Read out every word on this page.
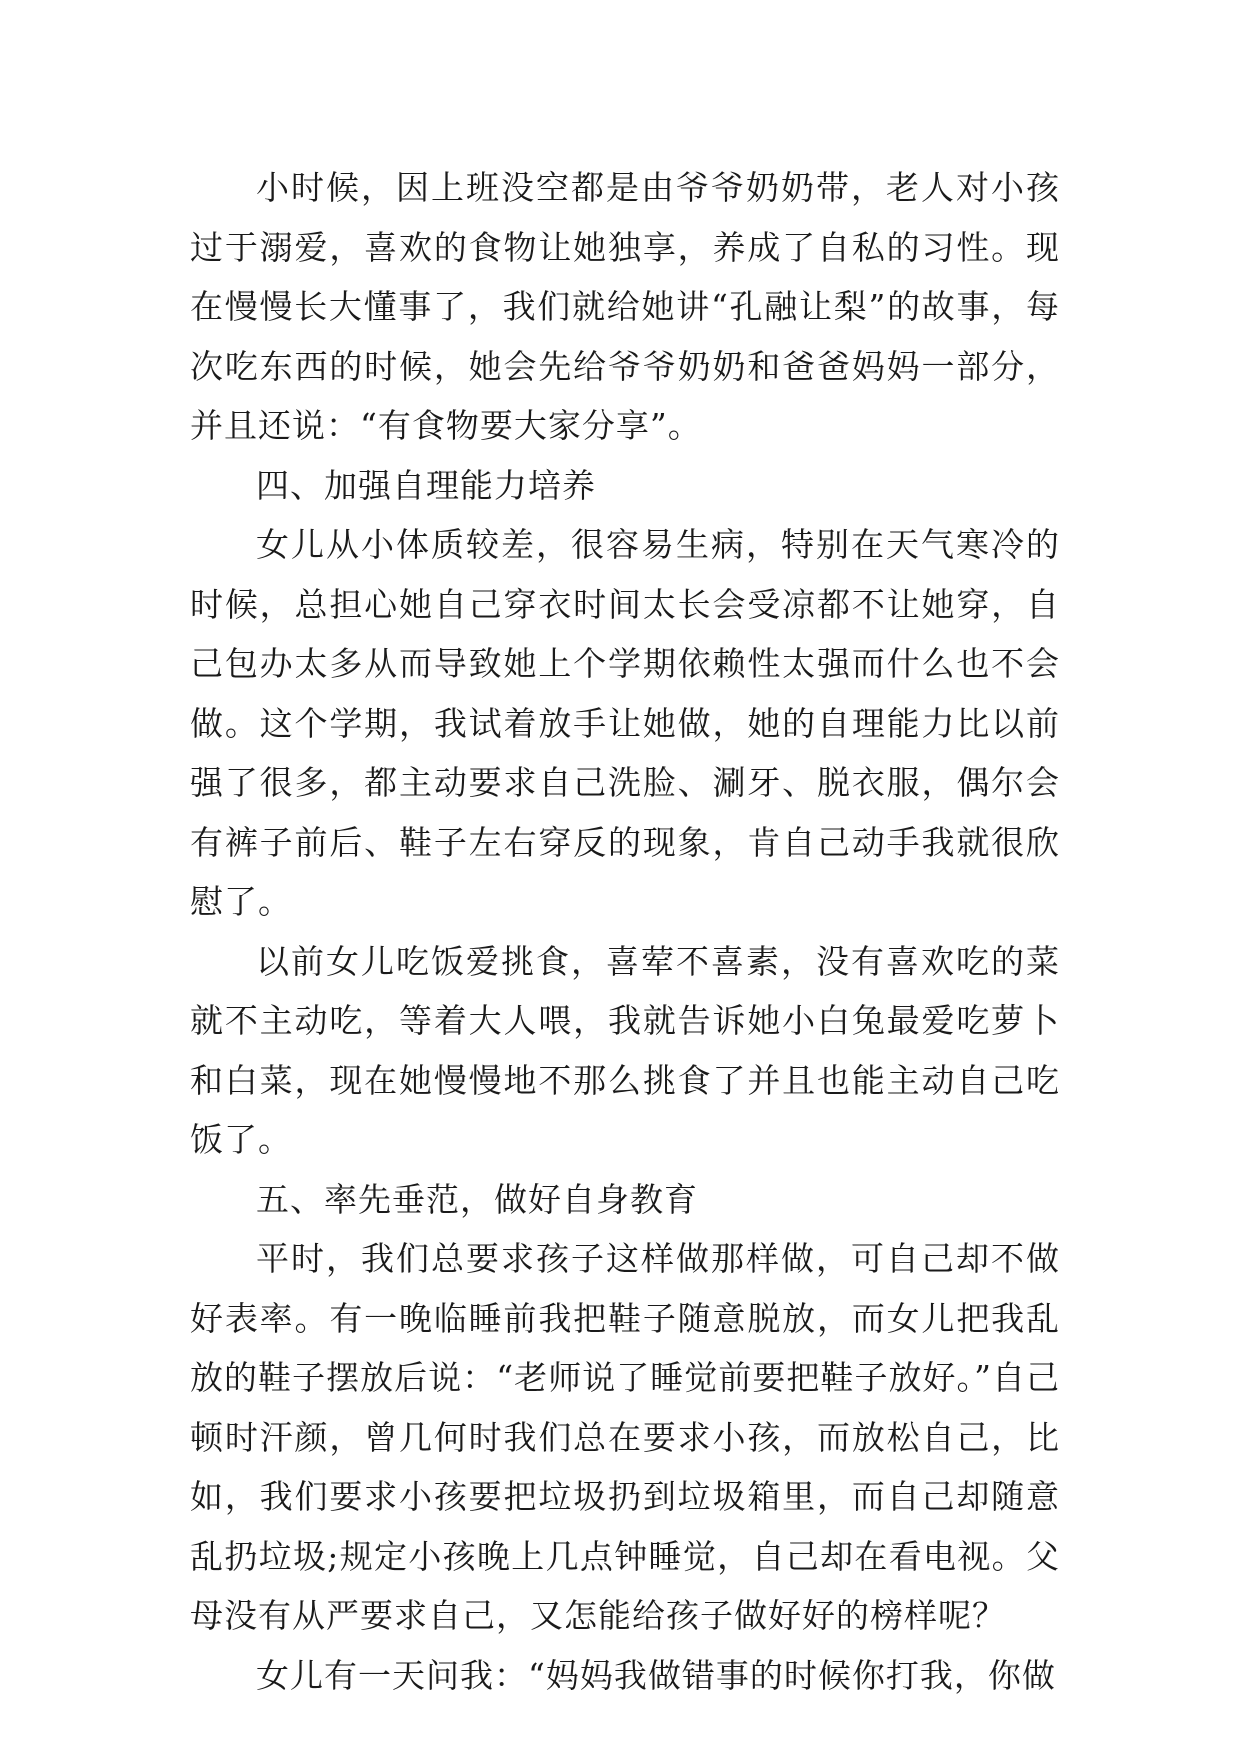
小时候，因上班没空都是由爷爷奶奶带，老人对小孩过于溺爱，喜欢的食物让她独享，养成了自私的习性。现在慢慢长大懂事了，我们就给她讲“孔融让梨”的故事，每次吃东西的时候，她会先给爷爷奶奶和爸爸妈妈一部分，并且还说：“有食物要大家分享”。

四、加强自理能力培养

女儿从小体质较差，很容易生病，特别在天气寒冷的时候，总担心她自己穿衣时间太长会受凉都不让她穿，自己包办太多从而导致她上个学期依赖性太强而什么也不会做。这个学期，我试着放手让她做，她的自理能力比以前强了很多，都主动要求自己洗脸、涮牙、脱衣服，偶尔会有裤子前后、鞋子左右穿反的现象，肯自己动手我就很欣慰了。

以前女儿吃饭爱挑食，喜荤不喜素，没有喜欢吃的菜就不主动吃，等着大人喂，我就告诉她小白兔最爱吃萝卜和白菜，现在她慢慢地不那么挑食了并且也能主动自己吃饭了。

五、率先垂范，做好自身教育

平时，我们总要求孩子这样做那样做，可自己却不做好表率。有一晚临睡前我把鞋子随意脱放，而女儿把我乱放的鞋子摆放后说：“老师说了睡觉前要把鞋子放好。”自己顿时汗颜，曾几何时我们总在要求小孩，而放松自己，比如，我们要求小孩要把垃圾扔到垃圾箱里，而自己却随意乱扔垃圾;规定小孩晚上几点钟睡觉，自己却在看电视。父母没有从严要求自己，又怎能给孩子做好好的榜样呢？

女儿有一天问我：“妈妈我做错事的时候你打我，你做
